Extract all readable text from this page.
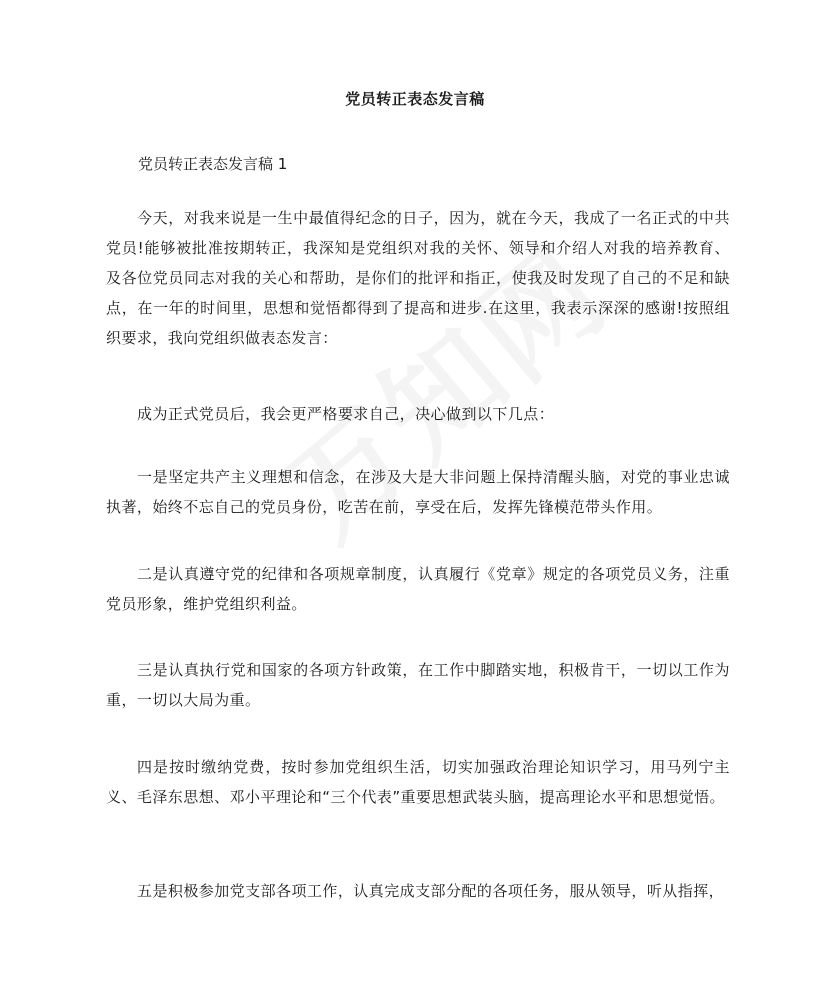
党员转正表态发言稿
党员转正表态发言稿 1
今天，对我来说是一生中最值得纪念的日子，因为，就在今天，我成了一名正式的中共党员!能够被批准按期转正，我深知是党组织对我的关怀、领导和介绍人对我的培养教育、及各位党员同志对我的关心和帮助，是你们的批评和指正，使我及时发现了自己的不足和缺点，在一年的时间里，思想和觉悟都得到了提高和进步.在这里，我表示深深的感谢!按照组织要求，我向党组织做表态发言：
成为正式党员后，我会更严格要求自己，决心做到以下几点：
一是坚定共产主义理想和信念，在涉及大是大非问题上保持清醒头脑，对党的事业忠诚执著，始终不忘自己的党员身份，吃苦在前，享受在后，发挥先锋模范带头作用。
二是认真遵守党的纪律和各项规章制度，认真履行《党章》规定的各项党员义务，注重党员形象，维护党组织利益。
三是认真执行党和国家的各项方针政策，在工作中脚踏实地，积极肯干，一切以工作为重，一切以大局为重。
四是按时缴纳党费，按时参加党组织生活，切实加强政治理论知识学习，用马列宁主义、毛泽东思想、邓小平理论和“三个代表”重要思想武装头脑，提高理论水平和思想觉悟。
五是积极参加党支部各项工作，认真完成支部分配的各项任务，服从领导，听从指挥，
